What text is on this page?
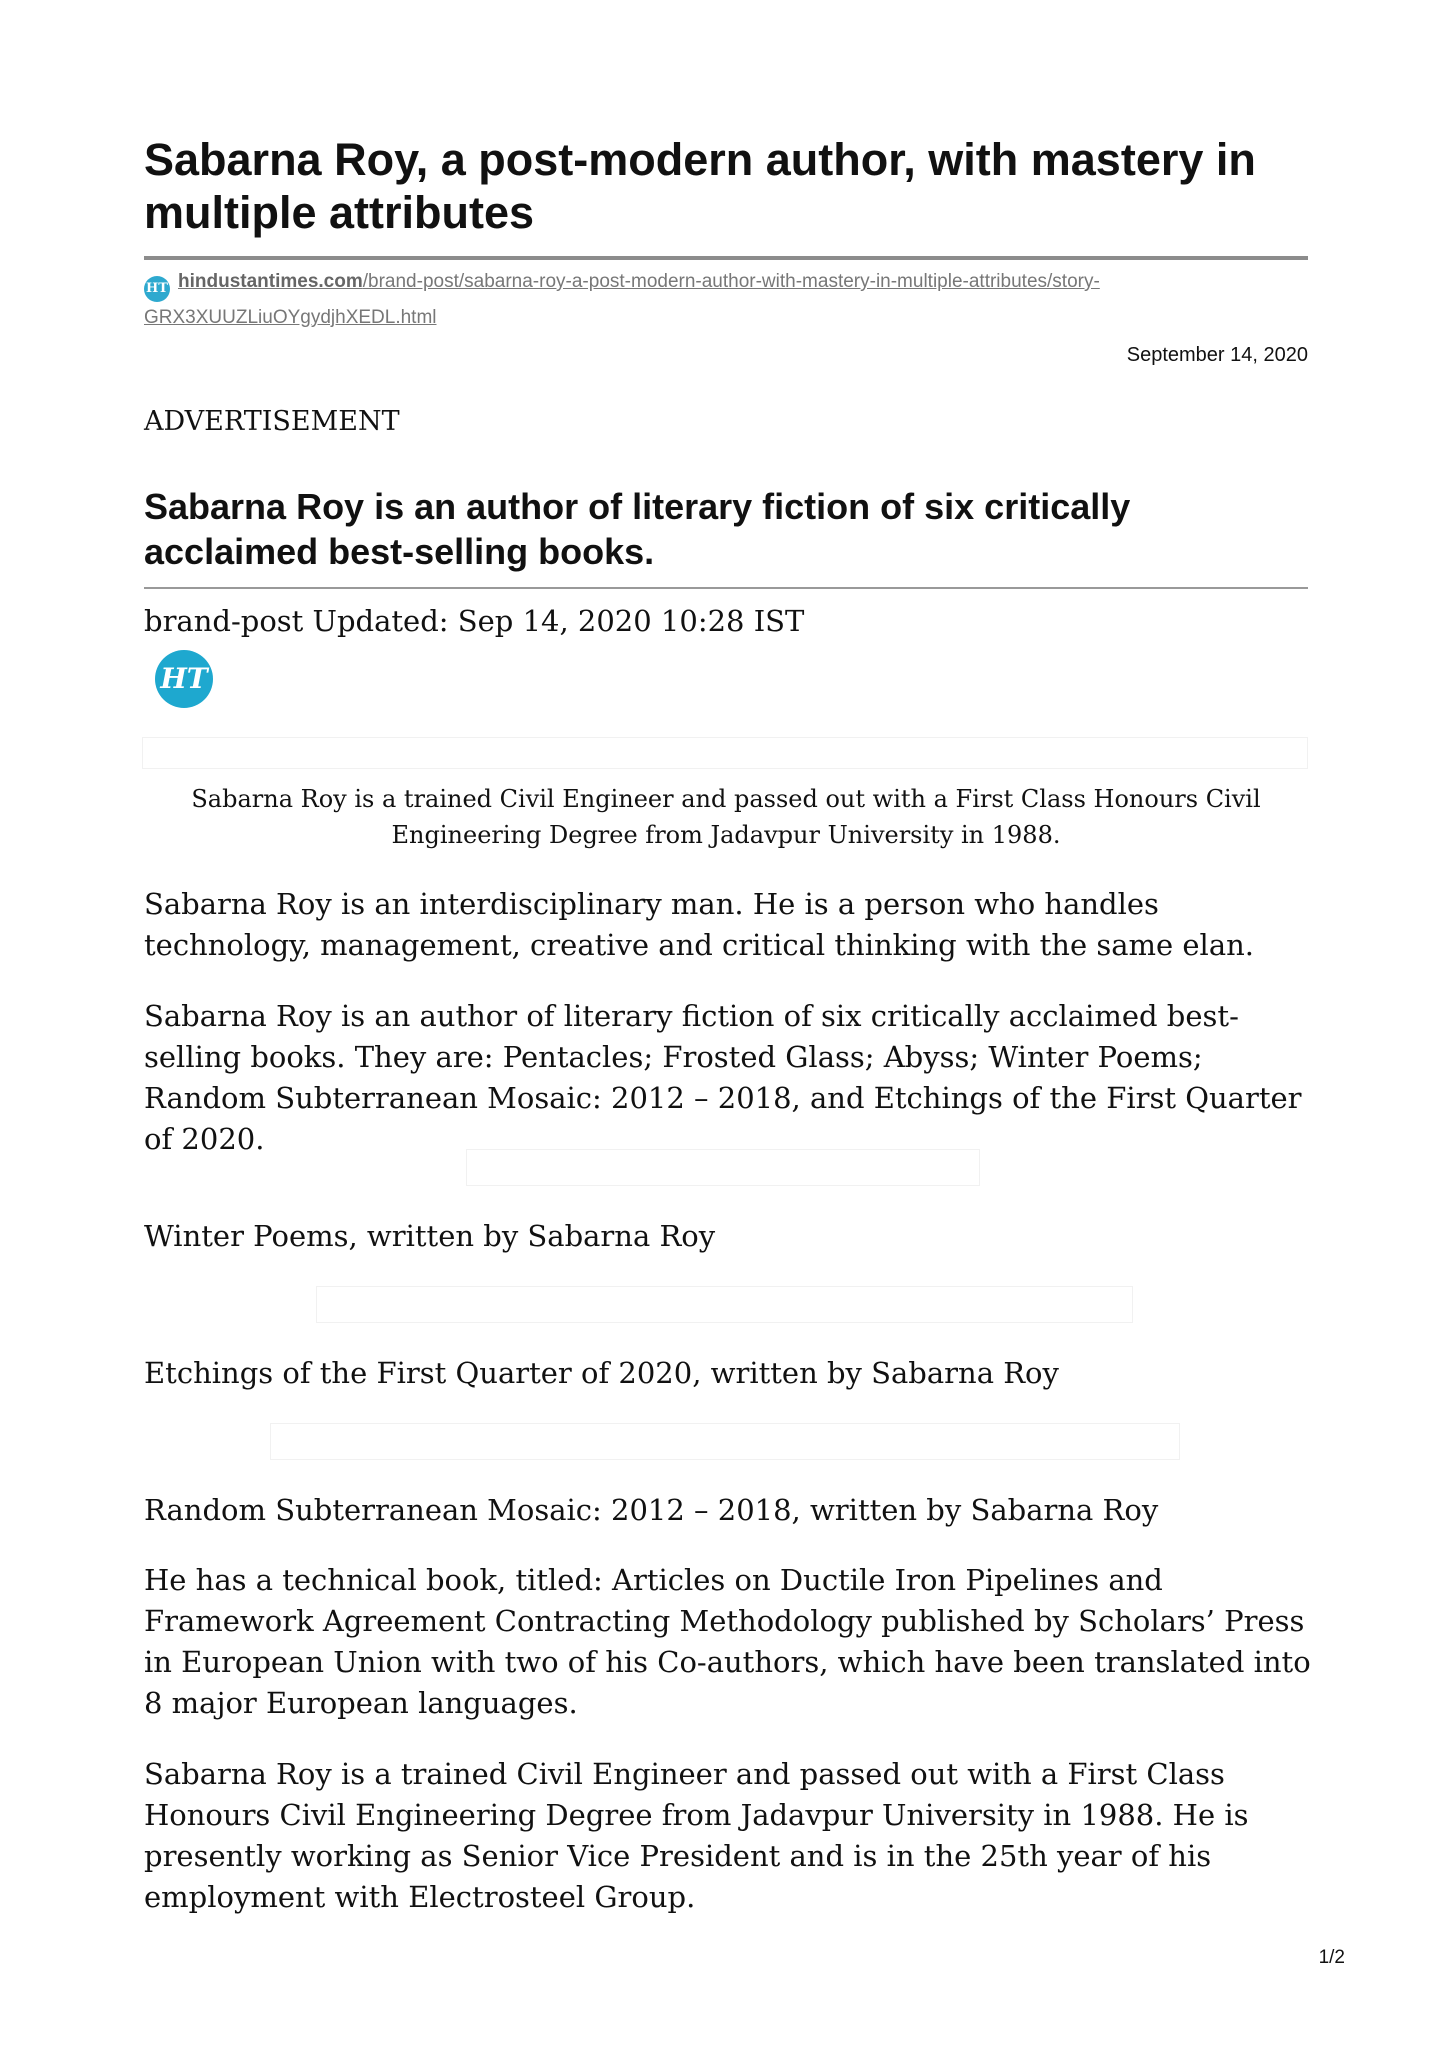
Sabarna Roy, a post-modern author, with mastery in multiple attributes
HT hindustantimes.com/brand-post/sabarna-roy-a-post-modern-author-with-mastery-in-multiple-attributes/story-GRX3XUUZLiuOYgydjhXEDL.html
September 14, 2020
ADVERTISEMENT
Sabarna Roy is an author of literary fiction of six critically acclaimed best-selling books.
brand-post Updated: Sep 14, 2020 10:28 IST
HT
Sabarna Roy is a trained Civil Engineer and passed out with a First Class Honours Civil Engineering Degree from Jadavpur University in 1988.

Sabarna Roy is an interdisciplinary man. He is a person who handles technology, management, creative and critical thinking with the same elan.

Sabarna Roy is an author of literary fiction of six critically acclaimed best-selling books. They are: Pentacles; Frosted Glass; Abyss; Winter Poems; Random Subterranean Mosaic: 2012 – 2018, and Etchings of the First Quarter of 2020.

Winter Poems, written by Sabarna Roy

Etchings of the First Quarter of 2020, written by Sabarna Roy

Random Subterranean Mosaic: 2012 – 2018, written by Sabarna Roy

He has a technical book, titled: Articles on Ductile Iron Pipelines and Framework Agreement Contracting Methodology published by Scholars’ Press in European Union with two of his Co-authors, which have been translated into 8 major European languages.

Sabarna Roy is a trained Civil Engineer and passed out with a First Class Honours Civil Engineering Degree from Jadavpur University in 1988. He is presently working as Senior Vice President and is in the 25th year of his employment with Electrosteel Group.

1/2
